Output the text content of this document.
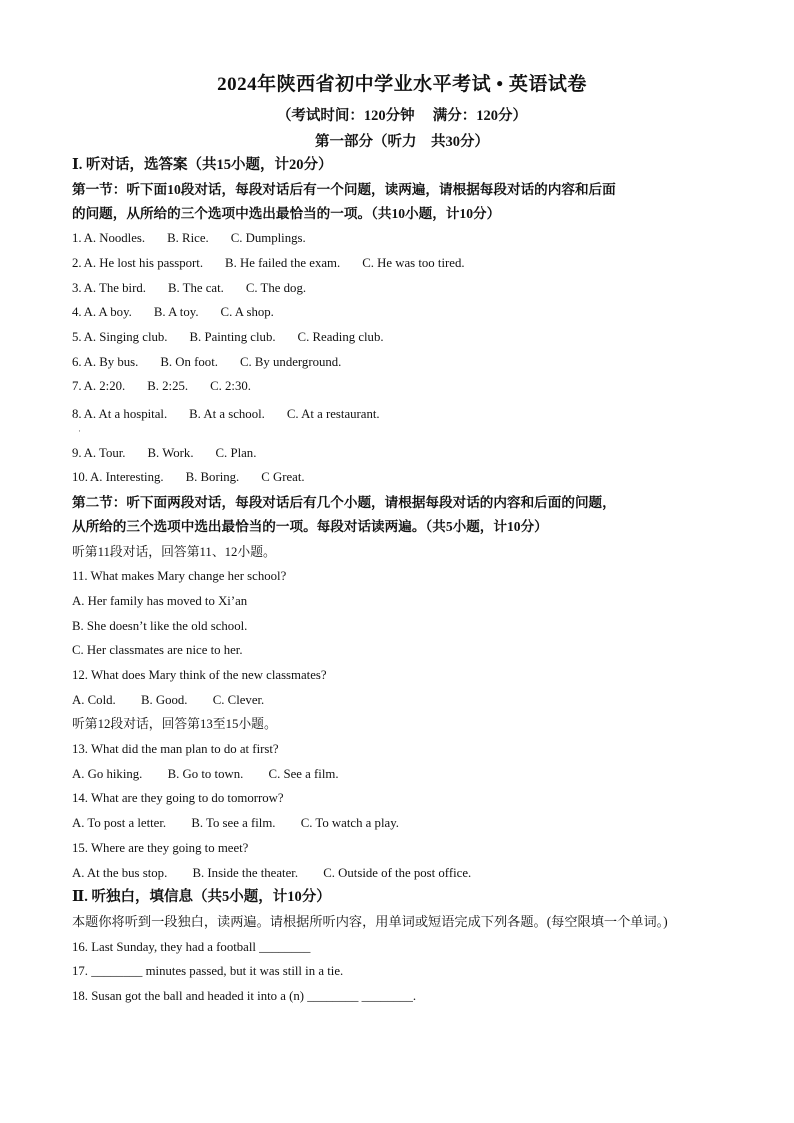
2024年陕西省初中学业水平考试 • 英语试卷
（考试时间：120分钟　 满分：120分）
第一部分（听力　共30分）
Ⅰ. 听对话，选答案（共15小题，计20分）
第一节：听下面10段对话，每段对话后有一个问题，读两遍，请根据每段对话的内容和后面
的问题，从所给的三个选项中选出最恰当的一项。（共10小题，计10分）
1. A. Noodles. B. Rice. C. Dumplings.
2. A. He lost his passport. B. He failed the exam. C. He was too tired.
3. A. The bird. B. The cat. C. The dog.
4. A. A boy. B. A toy. C. A shop.
5. A. Singing club. B. Painting club. C. Reading club.
6. A. By bus. B. On foot. C. By underground.
7. A. 2:20. B. 2:25. C. 2:30.
8. A. At a hospital. B. At a school. C. At a restaurant.
9. A. Tour. B. Work. C. Plan.
10. A. Interesting. B. Boring. C Great.
·
第二节：听下面两段对话，每段对话后有几个小题，请根据每段对话的内容和后面的问题，
从所给的三个选项中选出最恰当的一项。每段对话读两遍。（共5小题，计10分）
听第11段对话，回答第11、12小题。
11. What makes Mary change her school?
A. Her family has moved to Xi’an
B. She doesn’t like the old school.
C. Her classmates are nice to her.
12. What does Mary think of the new classmates?
A. Cold. B. Good. C. Clever.
听第12段对话，回答第13至15小题。
13. What did the man plan to do at first?
A. Go hiking. B. Go to town. C. See a film.
14. What are they going to do tomorrow?
A. To post a letter. B. To see a film. C. To watch a play.
15. Where are they going to meet?
A. At the bus stop. B. Inside the theater. C. Outside of the post office.
Ⅱ. 听独白，填信息（共5小题，计10分）
本题你将听到一段独白，读两遍。请根据所听内容，用单词或短语完成下列各题。(每空限填一个单词。)
16. Last Sunday, they had a football ________
17. ________ minutes passed, but it was still in a tie.
18. Susan got the ball and headed it into a (n) ________ ________.
